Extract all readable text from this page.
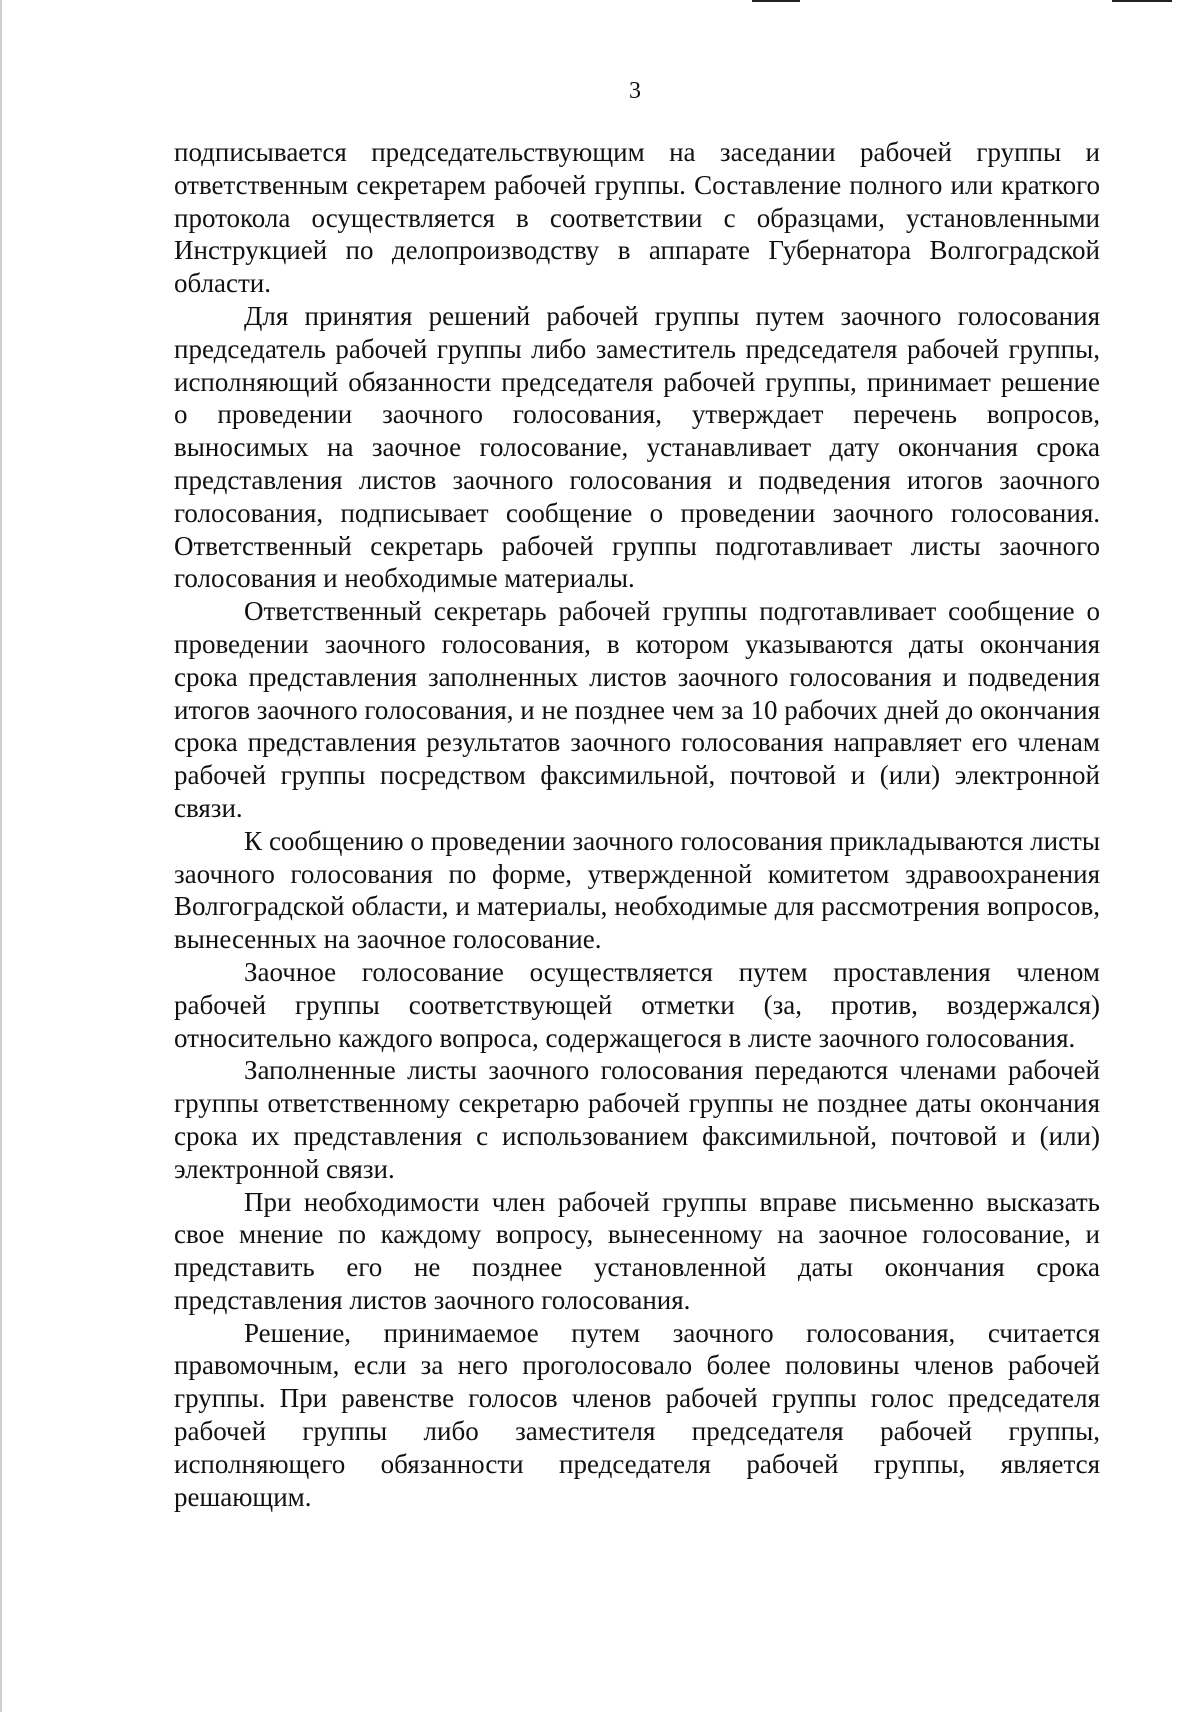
3

подписывается председательствующим на заседании рабочей группы и ответственным секретарем рабочей группы. Составление полного или краткого протокола осуществляется в соответствии с образцами, установленными Инструкцией по делопроизводству в аппарате Губернатора Волгоградской области.

Для принятия решений рабочей группы путем заочного голосования председатель рабочей группы либо заместитель председателя рабочей группы, исполняющий обязанности председателя рабочей группы, принимает решение о проведении заочного голосования, утверждает перечень вопросов, выносимых на заочное голосование, устанавливает дату окончания срока представления листов заочного голосования и подведения итогов заочного голосования, подписывает сообщение о проведении заочного голосования. Ответственный секретарь рабочей группы подготавливает листы заочного голосования и необходимые материалы.

Ответственный секретарь рабочей группы подготавливает сообщение о проведении заочного голосования, в котором указываются даты окончания срока представления заполненных листов заочного голосования и подведения итогов заочного голосования, и не позднее чем за 10 рабочих дней до окончания срока представления результатов заочного голосования направляет его членам рабочей группы посредством факсимильной, почтовой и (или) электронной связи.

К сообщению о проведении заочного голосования прикладываются листы заочного голосования по форме, утвержденной комитетом здравоохранения Волгоградской области, и материалы, необходимые для рассмотрения вопросов, вынесенных на заочное голосование.

Заочное голосование осуществляется путем проставления членом рабочей группы соответствующей отметки (за, против, воздержался) относительно каждого вопроса, содержащегося в листе заочного голосования.

Заполненные листы заочного голосования передаются членами рабочей группы ответственному секретарю рабочей группы не позднее даты окончания срока их представления с использованием факсимильной, почтовой и (или) электронной связи.

При необходимости член рабочей группы вправе письменно высказать свое мнение по каждому вопросу, вынесенному на заочное голосование, и представить его не позднее установленной даты окончания срока представления листов заочного голосования.

Решение, принимаемое путем заочного голосования, считается правомочным, если за него проголосовало более половины членов рабочей группы. При равенстве голосов членов рабочей группы голос председателя рабочей группы либо заместителя председателя рабочей группы, исполняющего обязанности председателя рабочей группы, является решающим.
